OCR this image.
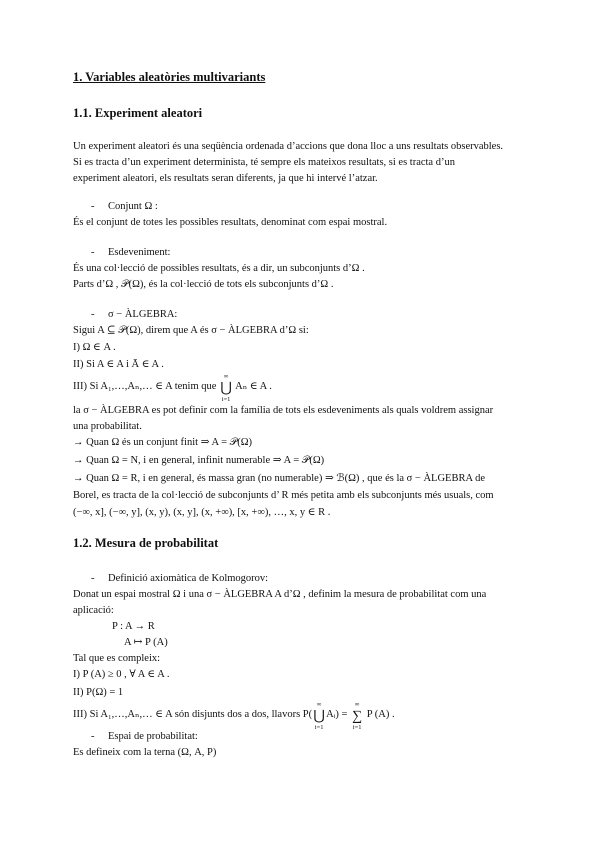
1. Variables aleatòries multivariants
1.1. Experiment aleatori
Un experiment aleatori és una seqüència ordenada d’accions que dona lloc a uns resultats observables.
Si es tracta d’un experiment determinista, té sempre els mateixos resultats, si es tracta d’un
experiment aleatori, els resultats seran diferents, ja que hi intervé l’atzar.
- Conjunt Ω :
És el conjunt de totes les possibles resultats, denominat com espai mostral.
- Esdeveniment:
És una col·lecció de possibles resultats, és a dir, un subconjunts d’Ω .
Parts d’Ω , 𝒫(Ω), és la col·lecció de tots els subconjunts d’Ω .
- σ − ÀLGEBRA:
Sigui A ⊆ 𝒫(Ω), direm que A és σ − ÀLGEBRA d’Ω si:
I) Ω ∈ A .
II) Si A ∈ A i Ā ∈ A .
III) Si A₁,…,Aₙ,… ∈ A tenim que
∞
⋃
i=1
Aₙ ∈ A .
la σ − ÀLGEBRA es pot definir com la família de tots els esdeveniments als quals voldrem assignar
una probabilitat.
→ Quan Ω és un conjunt finit ⇒ A = 𝒫(Ω)
→ Quan Ω = N, i en general, infinit numerable ⇒ A = 𝒫(Ω)
→ Quan Ω = R, i en general, és massa gran (no numerable) ⇒ ℬ(Ω) , que és la σ − ÀLGEBRA de
Borel, es tracta de la col·lecció de subconjunts d’ R més petita amb els subconjunts més usuals, com
(−∞, x], (−∞, y], (x, y), (x, y], (x, +∞), [x, +∞), …, x, y ∈ R .
1.2. Mesura de probabilitat
- Definició axiomàtica de Kolmogorov:
Donat un espai mostral Ω i una σ − ÀLGEBRA A d’Ω , definim la mesura de probabilitat com una
aplicació:
P : A → R
A ↦ P (A)
Tal que es compleix:
I) P (A) ≥ 0 , ∀ A ∈ A .
II) P(Ω) = 1
III) Si A₁,…,Aₙ,… ∈ A són disjunts dos a dos, llavors P(
∞
⋃
i=1
Aᵢ) =
∞
∑
i=1
P (A) .
- Espai de probabilitat:
Es defineix com la terna (Ω, A, P)
